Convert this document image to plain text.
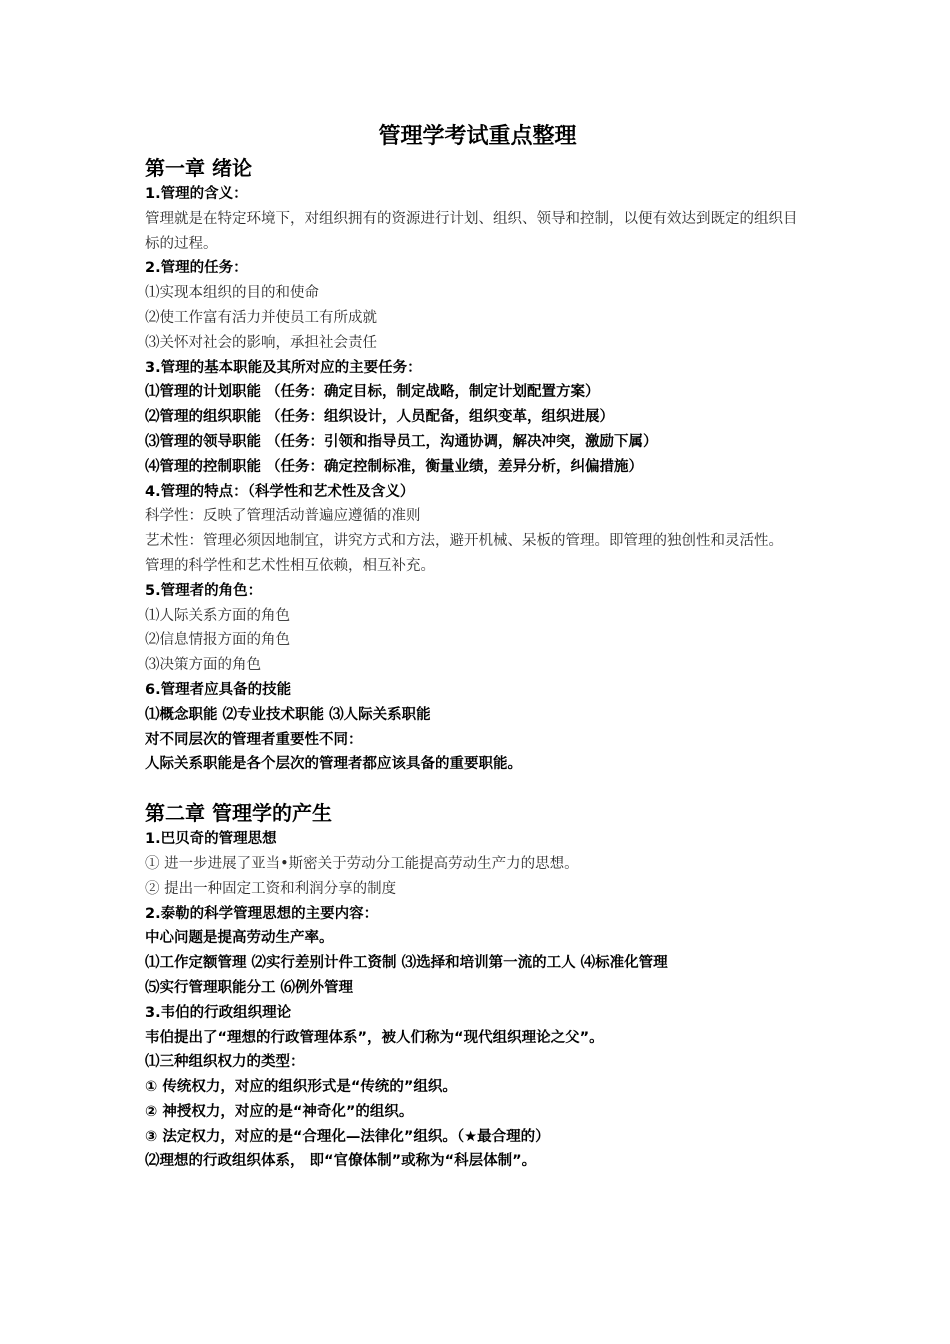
管理学考试重点整理
第一章 绪论
1.管理的含义：
管理就是在特定环境下，对组织拥有的资源进行计划、组织、领导和控制，以便有效达到既定的组织目标的过程。
2.管理的任务：
⑴实现本组织的目的和使命
⑵使工作富有活力并使员工有所成就
⑶关怀对社会的影响，承担社会责任
3.管理的基本职能及其所对应的主要任务：
⑴管理的计划职能 （任务：确定目标，制定战略，制定计划配置方案）
⑵管理的组织职能 （任务：组织设计，人员配备，组织变革，组织进展）
⑶管理的领导职能 （任务：引领和指导员工，沟通协调，解决冲突，激励下属）
⑷管理的控制职能 （任务：确定控制标准，衡量业绩，差异分析，纠偏措施）
4.管理的特点：（科学性和艺术性及含义）
科学性：反映了管理活动普遍应遵循的准则
艺术性：管理必须因地制宜，讲究方式和方法，避开机械、呆板的管理。即管理的独创性和灵活性。
管理的科学性和艺术性相互依赖，相互补充。
5.管理者的角色：
⑴人际关系方面的角色
⑵信息情报方面的角色
⑶决策方面的角色
6.管理者应具备的技能
⑴概念职能 ⑵专业技术职能 ⑶人际关系职能
对不同层次的管理者重要性不同：
人际关系职能是各个层次的管理者都应该具备的重要职能。
第二章 管理学的产生
1.巴贝奇的管理思想
① 进一步进展了亚当•斯密关于劳动分工能提高劳动生产力的思想。
② 提出一种固定工资和利润分享的制度
2.泰勒的科学管理思想的主要内容：
中心问题是提高劳动生产率。
⑴工作定额管理 ⑵实行差别计件工资制 ⑶选择和培训第一流的工人 ⑷标准化管理
⑸实行管理职能分工 ⑹例外管理
3.韦伯的行政组织理论
韦伯提出了“理想的行政管理体系”，被人们称为“现代组织理论之父”。
⑴三种组织权力的类型：
① 传统权力，对应的组织形式是“传统的”组织。
② 神授权力，对应的是“神奇化”的组织。
③ 法定权力，对应的是“合理化—法律化”组织。（★最合理的）
⑵理想的行政组织体系， 即“官僚体制”或称为“科层体制”。
